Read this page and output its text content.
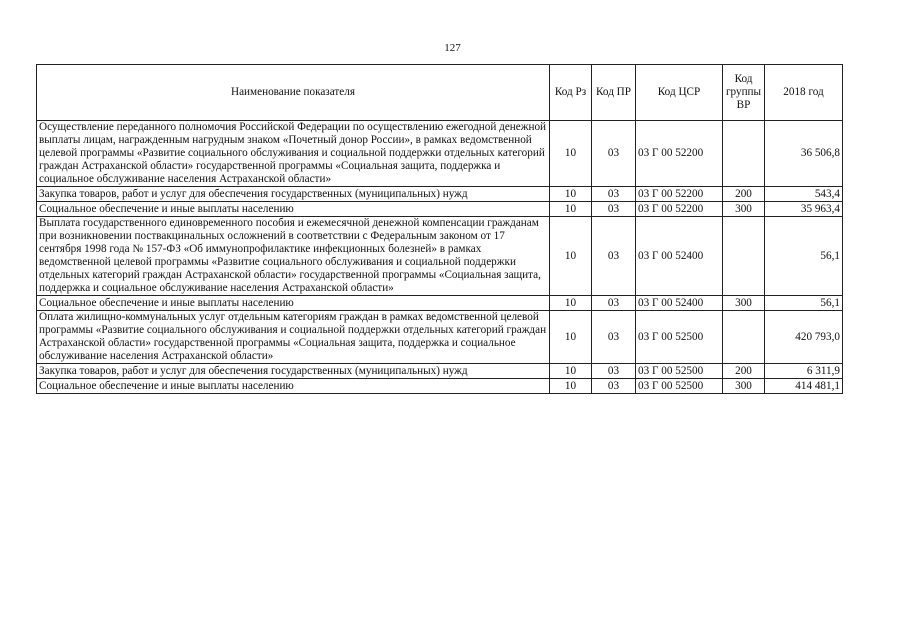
127
Наименование показателя	Код Рз	Код ПР	Код ЦСР	Код группы ВР	2018 год
Осуществление переданного полномочия Российской Федерации по осуществлению ежегодной денежной выплаты лицам, награжденным нагрудным знаком «Почетный донор России», в рамках ведомственной целевой программы «Развитие социального обслуживания и социальной поддержки отдельных категорий граждан Астраханской области» государственной программы «Социальная защита, поддержка и социальное обслуживание населения Астраханской области»	10	03	03 Г 00 52200		36 506,8
Закупка товаров, работ и услуг для обеспечения государственных (муниципальных) нужд	10	03	03 Г 00 52200	200	543,4
Социальное обеспечение и иные выплаты населению	10	03	03 Г 00 52200	300	35 963,4
Выплата государственного единовременного пособия и ежемесячной денежной компенсации гражданам при возникновении поствакцинальных осложнений в соответствии с Федеральным законом от 17 сентября 1998 года № 157-ФЗ «Об иммунопрофилактике инфекционных болезней» в рамках ведомственной целевой программы «Развитие социального обслуживания и социальной поддержки отдельных категорий граждан Астраханской области» государственной программы «Социальная защита, поддержка и социальное обслуживание населения Астраханской области»	10	03	03 Г 00 52400		56,1
Социальное обеспечение и иные выплаты населению	10	03	03 Г 00 52400	300	56,1
Оплата жилищно-коммунальных услуг отдельным категориям граждан в рамках ведомственной целевой программы «Развитие социального обслуживания и социальной поддержки отдельных категорий граждан Астраханской области» государственной программы «Социальная защита, поддержка и социальное обслуживание населения Астраханской области»	10	03	03 Г 00 52500		420 793,0
Закупка товаров, работ и услуг для обеспечения государственных (муниципальных) нужд	10	03	03 Г 00 52500	200	6 311,9
Социальное обеспечение и иные выплаты населению	10	03	03 Г 00 52500	300	414 481,1
